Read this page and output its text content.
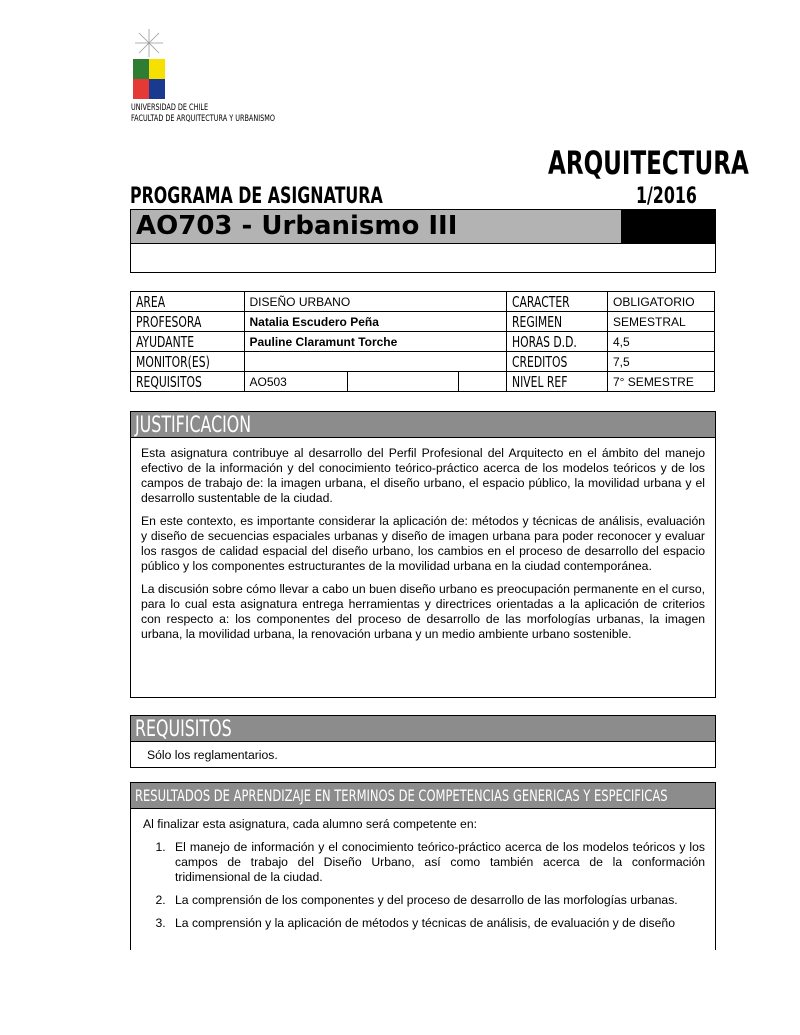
UNIVERSIDAD DE CHILE
FACULTAD DE ARQUITECTURA Y URBANISMO
ARQUITECTURA
PROGRAMA DE ASIGNATURA	1/2016
AO703 - Urbanismo III
AREA	DISEÑO URBANO			CARACTER	OBLIGATORIO
PROFESORA	Natalia Escudero Peña			REGIMEN	SEMESTRAL
AYUDANTE	Pauline Claramunt Torche			HORAS D.D.	4,5
MONITOR(ES)				CREDITOS	7,5
REQUISITOS	AO503			NIVEL REF	7° SEMESTRE
JUSTIFICACION

Esta asignatura contribuye al desarrollo del Perfil Profesional del Arquitecto en el ámbito del manejo efectivo de la información y del conocimiento teórico-práctico acerca de los modelos teóricos y de los campos de trabajo de: la imagen urbana, el diseño urbano, el espacio público, la movilidad urbana y el desarrollo sustentable de la ciudad.

En este contexto, es importante considerar la aplicación de: métodos y técnicas de análisis, evaluación y diseño de secuencias espaciales urbanas y diseño de imagen urbana para poder reconocer y evaluar los rasgos de calidad espacial del diseño urbano, los cambios en el proceso de desarrollo del espacio público y los componentes estructurantes de la movilidad urbana en la ciudad contemporánea.

La discusión sobre cómo llevar a cabo un buen diseño urbano es preocupación permanente en el curso, para lo cual esta asignatura entrega herramientas y directrices orientadas a la aplicación de criterios con respecto a: los componentes del proceso de desarrollo de las morfologías urbanas, la imagen urbana, la movilidad urbana, la renovación urbana y un medio ambiente urbano sostenible.

REQUISITOS
Sólo los reglamentarios.
RESULTADOS DE APRENDIZAJE EN TERMINOS DE COMPETENCIAS GENERICAS Y ESPECIFICAS

Al finalizar esta asignatura, cada alumno será competente en:

1. El manejo de información y el conocimiento teórico-práctico acerca de los modelos teóricos y los campos de trabajo del Diseño Urbano, así como también acerca de la conformación tridimensional de la ciudad.
2. La comprensión de los componentes y del proceso de desarrollo de las morfologías urbanas.
3. La comprensión y la aplicación de métodos y técnicas de análisis, de evaluación y de diseño
